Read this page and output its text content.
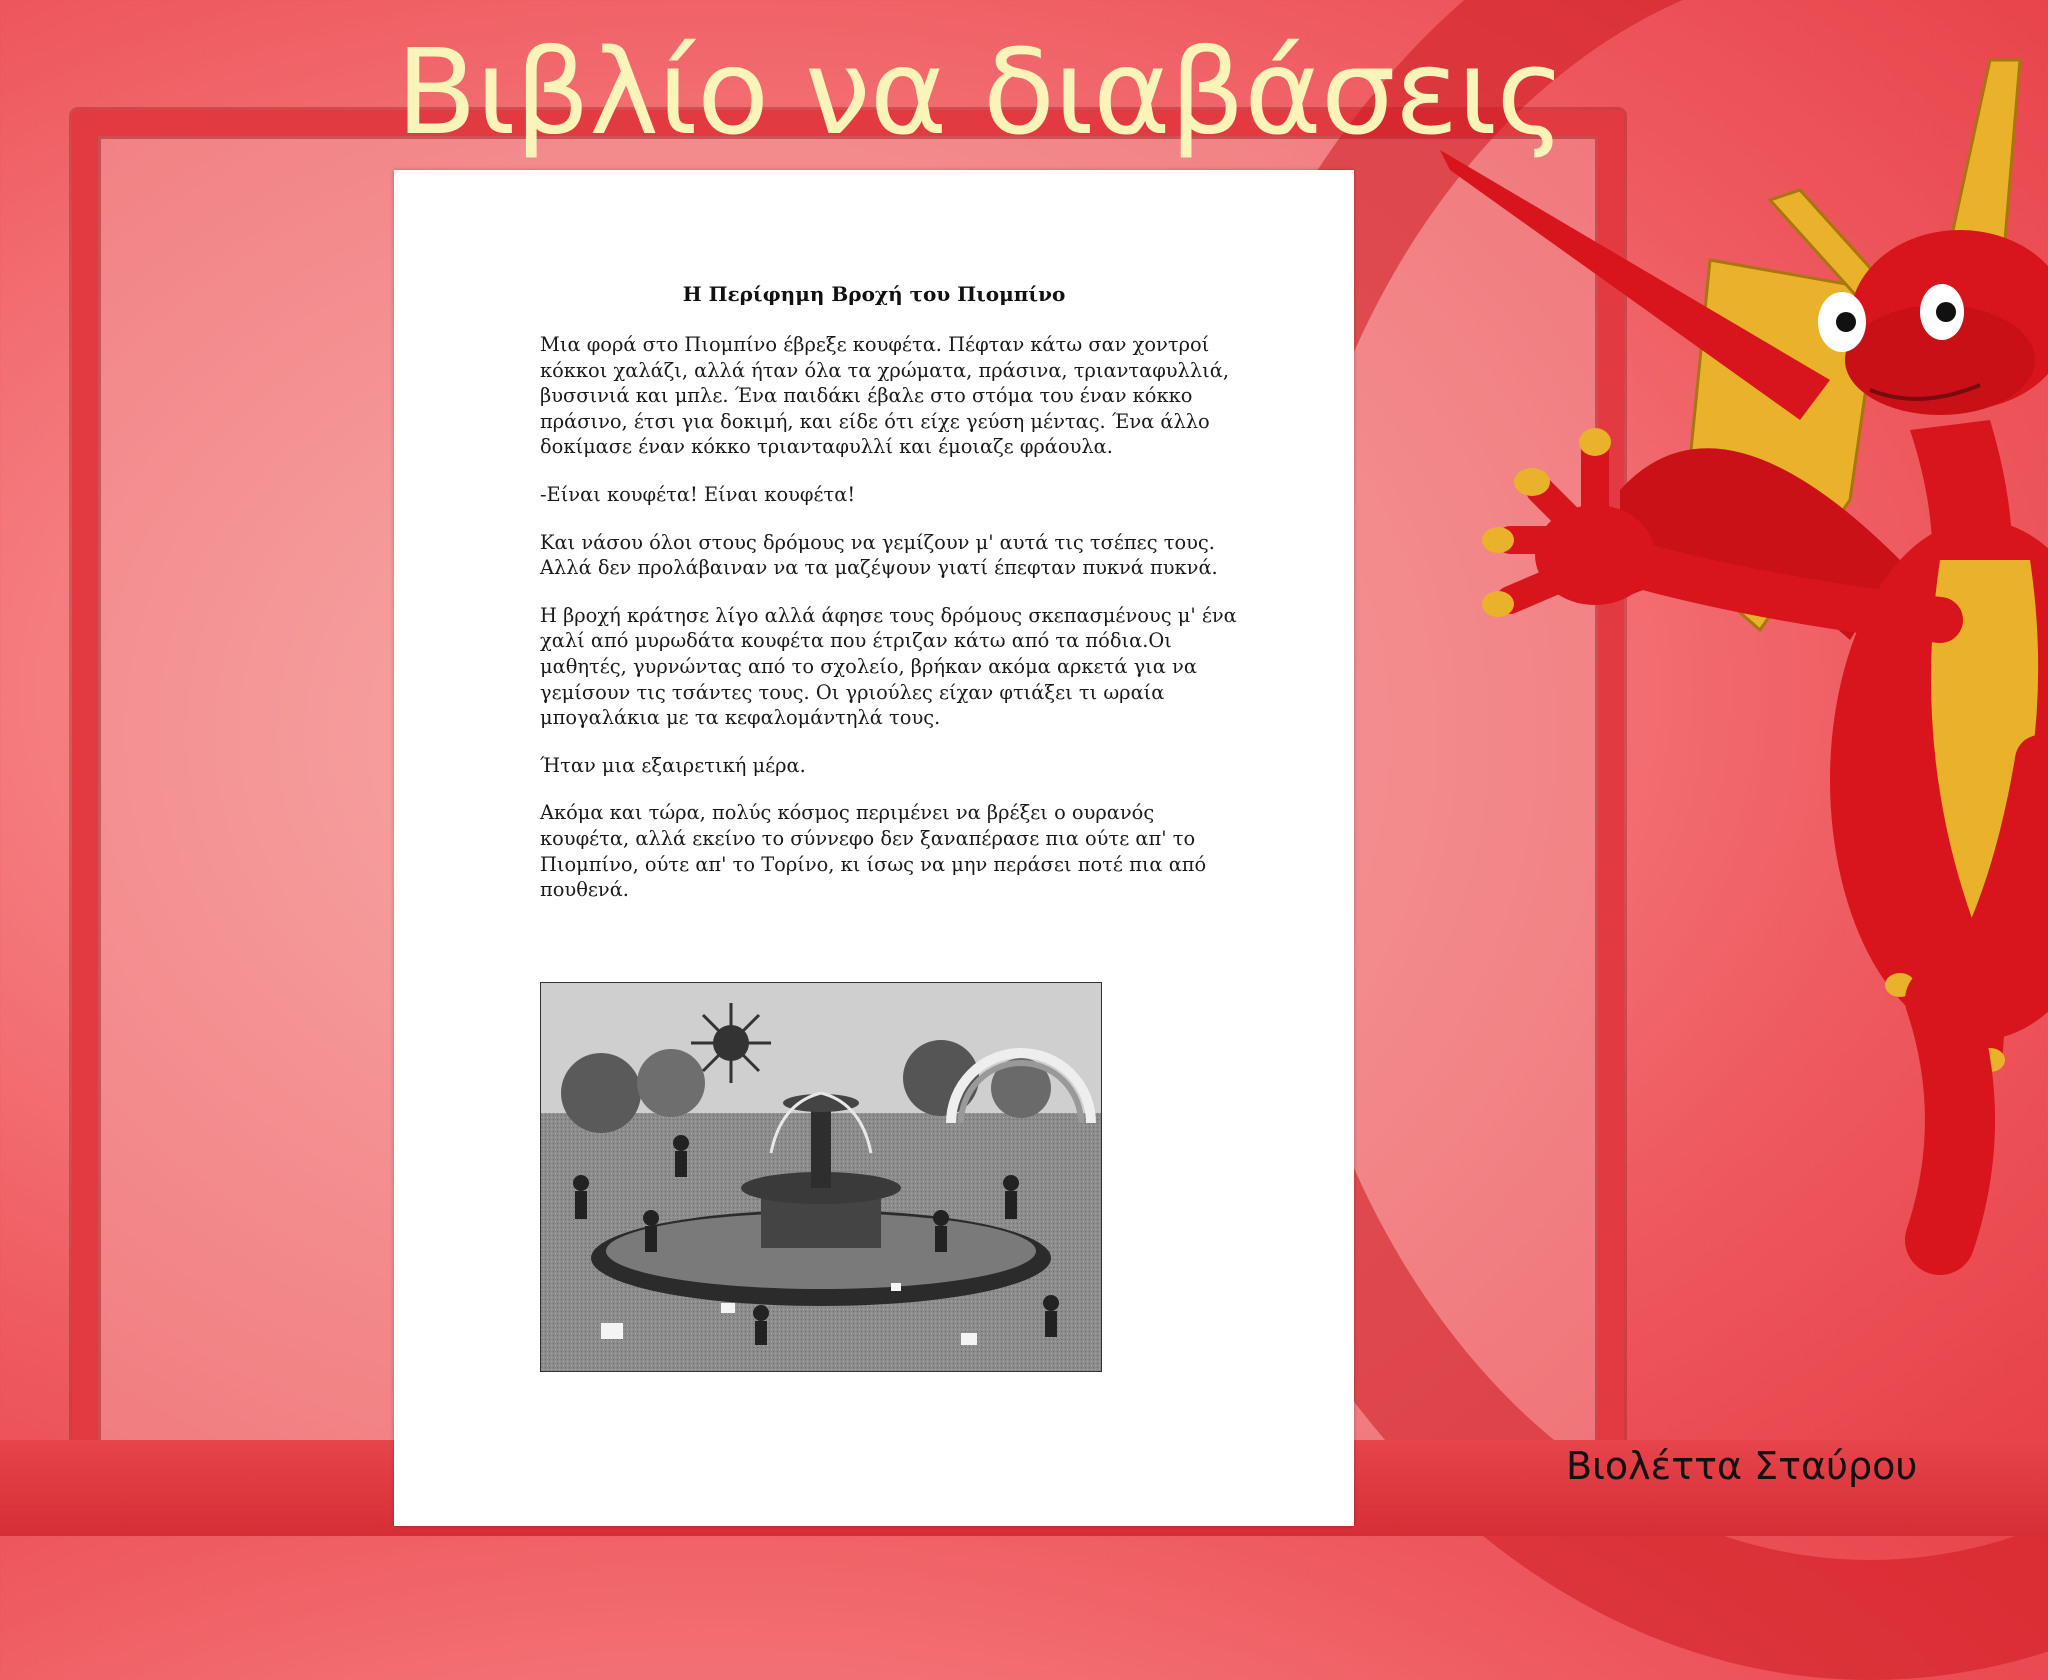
Βιβλίο να διαβάσεις
Η Περίφημη Βροχή του Πιομπίνο

Μια φορά στο Πιομπίνο έβρεξε κουφέτα. Πέφταν κάτω σαν χοντροί κόκκοι χαλάζι, αλλά ήταν όλα τα χρώματα, πράσινα, τριανταφυλλιά, βυσσινιά και μπλε. Ένα παιδάκι έβαλε στο στόμα του έναν κόκκο πράσινο, έτσι για δοκιμή, και είδε ότι είχε γεύση μέντας. Ένα άλλο δοκίμασε έναν κόκκο τριανταφυλλί και έμοιαζε φράουλα.

-Είναι κουφέτα! Είναι κουφέτα!

Και νάσου όλοι στους δρόμους να γεμίζουν μ' αυτά τις τσέπες τους. Αλλά δεν προλάβαιναν να τα μαζέψουν γιατί έπεφταν πυκνά πυκνά.

Η βροχή κράτησε λίγο αλλά άφησε τους δρόμους σκεπασμένους μ' ένα χαλί από μυρωδάτα κουφέτα που έτριζαν κάτω από τα πόδια.Οι μαθητές, γυρνώντας από το σχολείο, βρήκαν ακόμα αρκετά για να γεμίσουν τις τσάντες τους. Οι γριούλες είχαν φτιάξει τι ωραία μπογαλάκια με τα κεφαλομάντηλά τους.

Ήταν μια εξαιρετική μέρα.

Ακόμα και τώρα, πολύς κόσμος περιμένει να βρέξει ο ουρανός κουφέτα, αλλά εκείνο το σύννεφο δεν ξαναπέρασε πια ούτε απ' το Πιομπίνο, ούτε απ' το Τορίνο, κι ίσως να μην περάσει ποτέ πια από πουθενά.

Βιολέττα Σταύρου
